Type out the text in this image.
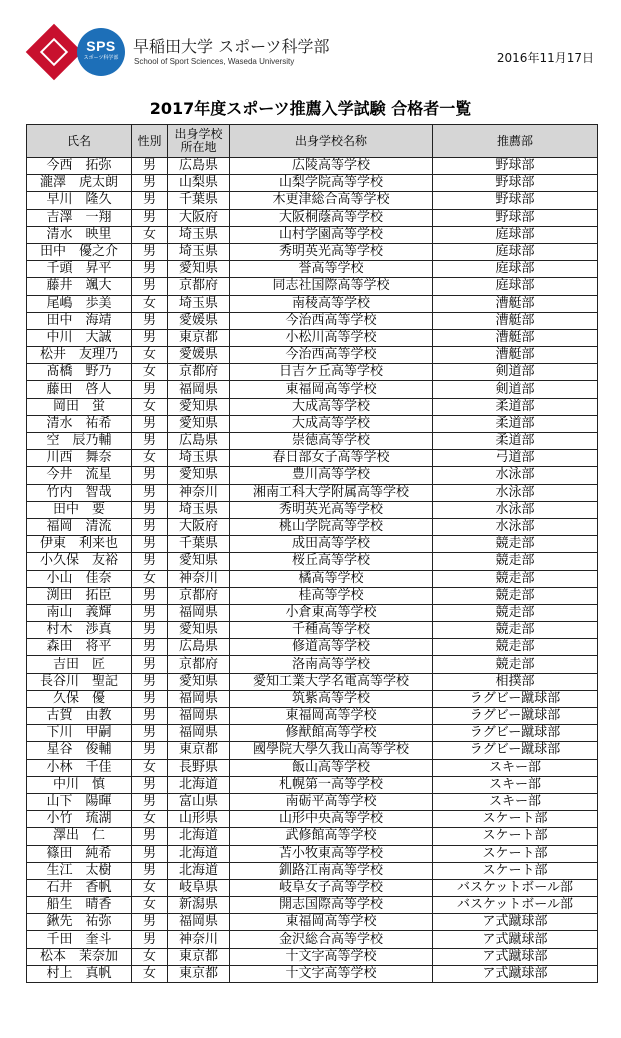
SPS
スポーツ科学部
早稲田大学 スポーツ科学部
School of Sport Sciences, Waseda University	2016年11月17日
2017年度スポーツ推薦入学試験 合格者一覧
氏名	性別	出身学校 所在地	出身学校名称	推薦部
今西　拓弥	男	広島県	広陵高等学校	野球部
瀧澤　虎太朗	男	山梨県	山梨学院高等学校	野球部
早川　隆久	男	千葉県	木更津総合高等学校	野球部
吉澤　一翔	男	大阪府	大阪桐蔭高等学校	野球部
清水　映里	女	埼玉県	山村学園高等学校	庭球部
田中　優之介	男	埼玉県	秀明英光高等学校	庭球部
千頭　昇平	男	愛知県	誉高等学校	庭球部
藤井　颯大	男	京都府	同志社国際高等学校	庭球部
尾嶋　歩美	女	埼玉県	南稜高等学校	漕艇部
田中　海靖	男	愛媛県	今治西高等学校	漕艇部
中川　大誠	男	東京都	小松川高等学校	漕艇部
松井　友理乃	女	愛媛県	今治西高等学校	漕艇部
髙橋　野乃	女	京都府	日吉ケ丘高等学校	剣道部
藤田　啓人	男	福岡県	東福岡高等学校	剣道部
岡田　蛍	女	愛知県	大成高等学校	柔道部
清水　祐希	男	愛知県	大成高等学校	柔道部
空　辰乃輔	男	広島県	崇徳高等学校	柔道部
川西　舞奈	女	埼玉県	春日部女子高等学校	弓道部
今井　流星	男	愛知県	豊川高等学校	水泳部
竹内　智哉	男	神奈川	湘南工科大学附属高等学校	水泳部
田中　要	男	埼玉県	秀明英光高等学校	水泳部
福岡　清流	男	大阪府	桃山学院高等学校	水泳部
伊東　利来也	男	千葉県	成田高等学校	競走部
小久保　友裕	男	愛知県	桜丘高等学校	競走部
小山　佳奈	女	神奈川	橘高等学校	競走部
渕田　拓臣	男	京都府	桂高等学校	競走部
南山　義輝	男	福岡県	小倉東高等学校	競走部
村木　渉真	男	愛知県	千種高等学校	競走部
森田　将平	男	広島県	修道高等学校	競走部
吉田　匠	男	京都府	洛南高等学校	競走部
長谷川　聖記	男	愛知県	愛知工業大学名電高等学校	相撲部
久保　優	男	福岡県	筑紫高等学校	ラグビー蹴球部
古賀　由教	男	福岡県	東福岡高等学校	ラグビー蹴球部
下川　甲嗣	男	福岡県	修猷館高等学校	ラグビー蹴球部
星谷　俊輔	男	東京都	國學院大學久我山高等学校	ラグビー蹴球部
小林　千佳	女	長野県	飯山高等学校	スキー部
中川　慎	男	北海道	札幌第一高等学校	スキー部
山下　陽暉	男	富山県	南砺平高等学校	スキー部
小竹　琉湖	女	山形県	山形中央高等学校	スケート部
澤出　仁	男	北海道	武修館高等学校	スケート部
篠田　純希	男	北海道	苫小牧東高等学校	スケート部
生江　太樹	男	北海道	釧路江南高等学校	スケート部
石井　香帆	女	岐阜県	岐阜女子高等学校	バスケットボール部
船生　晴香	女	新潟県	開志国際高等学校	バスケットボール部
鍬先　祐弥	男	福岡県	東福岡高等学校	ア式蹴球部
千田　奎斗	男	神奈川	金沢総合高等学校	ア式蹴球部
松本　茉奈加	女	東京都	十文字高等学校	ア式蹴球部
村上　真帆	女	東京都	十文字高等学校	ア式蹴球部
